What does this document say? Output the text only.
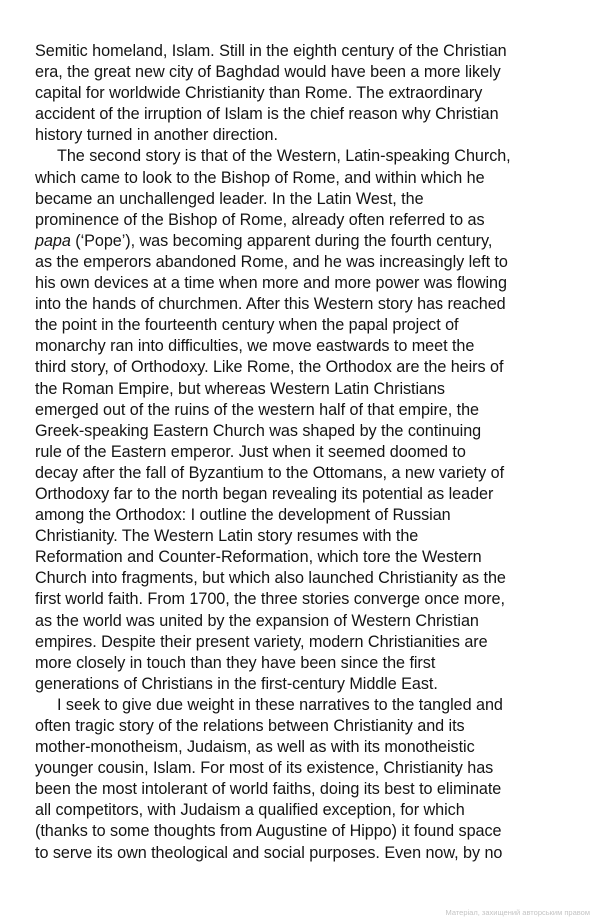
Semitic homeland, Islam. Still in the eighth century of the Christian
era, the great new city of Baghdad would have been a more likely
capital for worldwide Christianity than Rome. The extraordinary
accident of the irruption of Islam is the chief reason why Christian
history turned in another direction.
The second story is that of the Western, Latin-speaking Church,
which came to look to the Bishop of Rome, and within which he
became an unchallenged leader. In the Latin West, the
prominence of the Bishop of Rome, already often referred to as
papa (‘Pope’), was becoming apparent during the fourth century,
as the emperors abandoned Rome, and he was increasingly left to
his own devices at a time when more and more power was flowing
into the hands of churchmen. After this Western story has reached
the point in the fourteenth century when the papal project of
monarchy ran into difficulties, we move eastwards to meet the
third story, of Orthodoxy. Like Rome, the Orthodox are the heirs of
the Roman Empire, but whereas Western Latin Christians
emerged out of the ruins of the western half of that empire, the
Greek-speaking Eastern Church was shaped by the continuing
rule of the Eastern emperor. Just when it seemed doomed to
decay after the fall of Byzantium to the Ottomans, a new variety of
Orthodoxy far to the north began revealing its potential as leader
among the Orthodox: I outline the development of Russian
Christianity. The Western Latin story resumes with the
Reformation and Counter-Reformation, which tore the Western
Church into fragments, but which also launched Christianity as the
first world faith. From 1700, the three stories converge once more,
as the world was united by the expansion of Western Christian
empires. Despite their present variety, modern Christianities are
more closely in touch than they have been since the first
generations of Christians in the first-century Middle East.
I seek to give due weight in these narratives to the tangled and
often tragic story of the relations between Christianity and its
mother-monotheism, Judaism, as well as with its monotheistic
younger cousin, Islam. For most of its existence, Christianity has
been the most intolerant of world faiths, doing its best to eliminate
all competitors, with Judaism a qualified exception, for which
(thanks to some thoughts from Augustine of Hippo) it found space
to serve its own theological and social purposes. Even now, by no
Матеріал, захищений авторським правом
